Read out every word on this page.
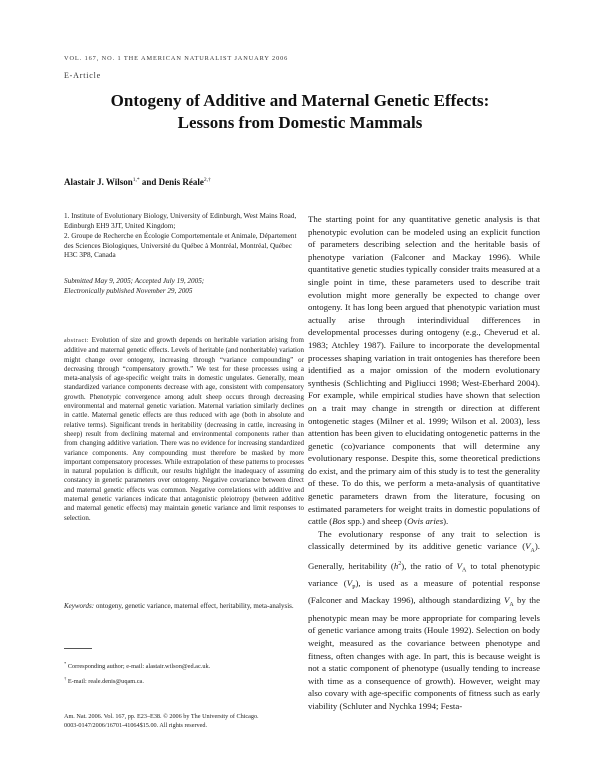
VOL. 167, NO. 1 THE AMERICAN NATURALIST JANUARY 2006
E-Article
Ontogeny of Additive and Maternal Genetic Effects:
Lessons from Domestic Mammals
Alastair J. Wilson$^{1,*}$ and Denis Réale$^{2,\dagger}$
1. Institute of Evolutionary Biology, University of Edinburgh, West Mains Road, Edinburgh EH9 3JT, United Kingdom;
2. Groupe de Recherche en Écologie Comportementale et Animale, Département des Sciences Biologiques, Université du Québec à Montréal, Montréal, Québec H3C 3P8, Canada
Submitted May 9, 2005; Accepted July 19, 2005;
Electronically published November 29, 2005
abstract: Evolution of size and growth depends on heritable variation arising from additive and maternal genetic effects. Levels of heritable (and nonheritable) variation might change over ontogeny, increasing through “variance compounding” or decreasing through “compensatory growth.” We test for these processes using a meta-analysis of age-specific weight traits in domestic ungulates. Generally, mean standardized variance components decrease with age, consistent with compensatory growth. Phenotypic convergence among adult sheep occurs through decreasing environmental and maternal genetic variation. Maternal variation similarly declines in cattle. Maternal genetic effects are thus reduced with age (both in absolute and relative terms). Significant trends in heritability (decreasing in cattle, increasing in sheep) result from declining maternal and environmental components rather than from changing additive variation. There was no evidence for increasing standardized variance components. Any compounding must therefore be masked by more important compensatory processes. While extrapolation of these patterns to processes in natural population is difficult, our results highlight the inadequacy of assuming constancy in genetic parameters over ontogeny. Negative covariance between direct and maternal genetic effects was common. Negative correlations with additive and maternal genetic variances indicate that antagonistic pleiotropy (between additive and maternal genetic effects) may maintain genetic variance and limit responses to selection.
Keywords: ontogeny, genetic variance, maternal effect, heritability, meta-analysis.
* Corresponding author; e-mail: alastair.wilson@ed.ac.uk.
† E-mail: reale.denis@uqam.ca.
Am. Nat. 2006. Vol. 167, pp. E23–E38. © 2006 by The University of Chicago.
0003-0147/2006/16701-41064$15.00. All rights reserved.

The starting point for any quantitative genetic analysis is that phenotypic evolution can be modeled using an explicit function of parameters describing selection and the heritable basis of phenotype variation (Falconer and Mackay 1996). While quantitative genetic studies typically consider traits measured at a single point in time, these parameters used to describe trait evolution might more generally be expected to change over ontogeny. It has long been argued that phenotypic variation must actually arise through interindividual differences in developmental processes during ontogeny (e.g., Cheverud et al. 1983; Atchley 1987). Failure to incorporate the developmental processes shaping variation in trait ontogenies has therefore been identified as a major omission of the modern evolutionary synthesis (Schlichting and Pigliucci 1998; West-Eberhard 2004). For example, while empirical studies have shown that selection on a trait may change in strength or direction at different ontogenetic stages (Milner et al. 1999; Wilson et al. 2003), less attention has been given to elucidating ontogenetic patterns in the genetic (co)variance components that will determine any evolutionary response. Despite this, some theoretical predictions do exist, and the primary aim of this study is to test the generality of these. To do this, we perform a meta-analysis of quantitative genetic parameters drawn from the literature, focusing on estimated parameters for weight traits in domestic populations of cattle (Bos spp.) and sheep (Ovis aries).

The evolutionary response of any trait to selection is classically determined by its additive genetic variance $(V_A)$. Generally, heritability $(h^2)$, the ratio of $V_A$ to total phenotypic variance $(V_P)$, is used as a measure of potential response (Falconer and Mackay 1996), although standardizing $V_A$ by the phenotypic mean may be more appropriate for comparing levels of genetic variance among traits (Houle 1992). Selection on body weight, measured as the covariance between phenotype and fitness, often changes with age. In part, this is because weight is not a static component of phenotype (usually tending to increase with time as a consequence of growth). However, weight may also covary with age-specific components of fitness such as early viability (Schluter and Nychka 1994; Festa-
